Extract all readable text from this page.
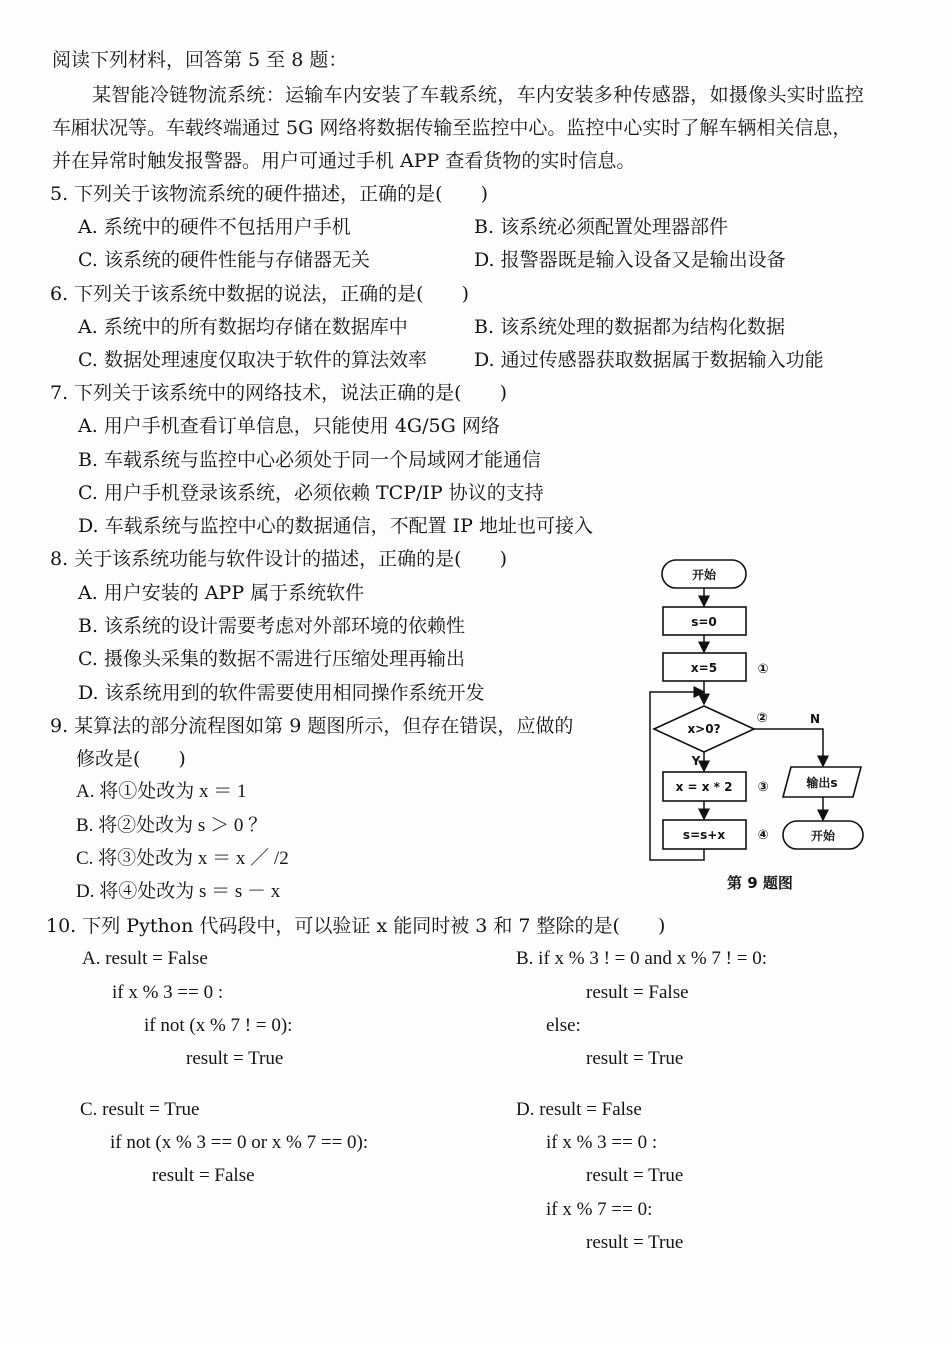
阅读下列材料，回答第 5 至 8 题：
某智能冷链物流系统：运输车内安装了车载系统，车内安装多种传感器，如摄像头实时监控
车厢状况等。车载终端通过 5G 网络将数据传输至监控中心。监控中心实时了解车辆相关信息，
并在异常时触发报警器。用户可通过手机 APP 查看货物的实时信息。
5. 下列关于该物流系统的硬件描述，正确的是(　　)
A. 系统中的硬件不包括用户手机	B. 该系统必须配置处理器部件
C. 该系统的硬件性能与存储器无关	D. 报警器既是输入设备又是输出设备
6. 下列关于该系统中数据的说法，正确的是(　　)
A. 系统中的所有数据均存储在数据库中	B. 该系统处理的数据都为结构化数据
C. 数据处理速度仅取决于软件的算法效率 D. 通过传感器获取数据属于数据输入功能
7. 下列关于该系统中的网络技术，说法正确的是(　　)
A. 用户手机查看订单信息，只能使用 4G/5G 网络
B. 车载系统与监控中心必须处于同一个局域网才能通信
C. 用户手机登录该系统，必须依赖 TCP/IP 协议的支持
D. 车载系统与监控中心的数据通信，不配置 IP 地址也可接入
8. 关于该系统功能与软件设计的描述，正确的是(　　)
A. 用户安装的 APP 属于系统软件
B. 该系统的设计需要考虑对外部环境的依赖性
C. 摄像头采集的数据不需进行压缩处理再输出
D. 该系统用到的软件需要使用相同操作系统开发
9. 某算法的部分流程图如第 9 题图所示，但存在错误，应做的
修改是(　　)
A. 将①处改为 x ＝ 1
B. 将②处改为 s ＞ 0 ？
C. 将③处改为 x ＝ x ／ /2
D. 将④处改为 s ＝ s － x
开始
s=0
x=5	①
x>0?
②
Y
x = x * 2 ③
s=s+x ④
N
输出s
开始
第 9 题图
10. 下列 Python 代码段中，可以验证 x 能同时被 3 和 7 整除的是(　　)
A. result = False
if x % 3 == 0 :
if not (x % 7 ! = 0):
result = True
B. if x % 3 ! = 0 and x % 7 ! = 0:
result = False
else:
result = True
C. result = True
if not (x % 3 == 0 or x % 7 == 0):
result = False
D. result = False
if x % 3 == 0 :
result = True
if x % 7 == 0:
result = True
